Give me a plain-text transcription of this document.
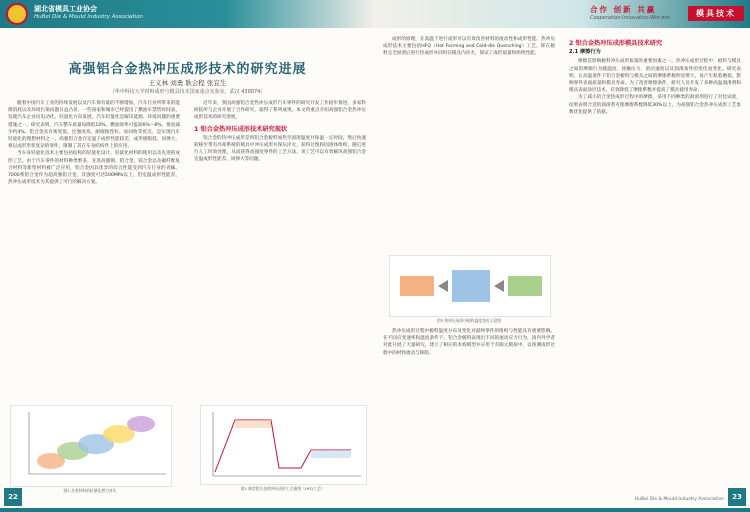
湖北省模具工业协会
HuBei Die & Mould Industry Association
高强铝合金热冲压成形技术的研究进展
王义林 刘勇 耿会程 张宜生
（华中科技大学材料成形与模具技术国家重点实验室，武汉 430074）

随着中国汽车工业的持续发展以及汽车保有量的不断增加，汽车行业所带来的能源消耗以及环境污染问题日益凸显，一些国家和城市已经提出了燃油车禁售时间表，迫使汽车企业向电动化、轻量化方向发展。汽车轻量化是解决能源、环境问题的重要措施之一。研究表明，汽车整车质量每降低10%，燃油效率可提高6%～8%，排放减少约4%。铝合金具有密度低、比强度高、耐腐蚀性好、易回收等优点，是实现汽车轻量化的理想材料之一。高强铝合金在室温下成形性能较差，成形极限低、回弹大，难以成形形状复杂的零件，限制了其在车身结构件上的应用。

当车身轻量化技术主要包括结构的轻量化设计、轻量化材料的使用以及先进的成形工艺。由于汽车零件的材料种类繁多，先进高强钢、铝合金、镁合金以及碳纤维复合材料等新型材料被广泛应用，铝合金因其优异的综合性能受到汽车行业的青睐。7000系铝合金作为超高强铝合金，其强度可达500MPa以上，但室温成形性能差，热冲压成形技术为其提供了可行的解决方案。

近年来，我国高强铝合金热冲压成形汽车零件的研究开发工作稳步推进，多家科研院所与企业开展了合作研究，取得了系列成果。本文将重点介绍高强铝合金热冲压成形技术的研究进展。

1 铝合金热冲压成形技术研究现状

铝合金的热冲压成形是将铝合金板料加热至固溶温度并保温一定时间，然后快速转移至带有冷却系统的模具中冲压成形并保压淬火，获得过饱和固溶体组织，随后进行人工时效处理，从而获得高强度零件的工艺方法。该工艺可以有效解决高强铝合金室温成形性能差、回弹大等问题。

图1 各类材料的轻量化潜力对比	图2 典型铝合金热冲压成形工艺曲线（HFQ工艺）
22
合作 创新 共赢
Cooperation·Innovation·Win-win	模具技术

成形的原理，在高温下进行成形可以有效改善材料的流动性和成形性能。热冲压成形技术主要包括HFQ（Hot Forming and Cold-die Quenching）工艺，即在板料完全固溶后进行热成形并同时在模具内淬火，保证了成形质量和组织性能。

图3 热冲压成形中板料温度变化示意图

热冲压成形过程中板料温度分布及变化对最终零件的组织与性能具有重要影响。在不同应变速率和温度条件下，铝合金板料表现出不同的流动应力行为，国内外学者对此开展了大量研究，建立了相应的本构模型并应用于有限元模拟中，以预测成形过程中的材料流动与缺陷。

2 铝合金热冲压成形模具技术研究
2.1 摩擦行为

摩擦是影响板料冲压成形质量的重要因素之一。热冲压成形过程中，板料与模具之间的摩擦行为随温度、接触压力、滑动速度以及润滑条件的变化而变化。研究表明，在高温条件下铝合金板料与模具之间的摩擦系数明显增大，易产生粘着磨损，影响零件表面质量和模具寿命。为了改善摩擦条件，研究人员开发了多种高温润滑剂和模具表面涂层技术，有效降低了摩擦系数并提高了模具使用寿命。

为了减小铝合金热成形过程中的摩擦，采用不同种类的润滑剂进行了对比试验，结果表明合适的润滑剂可使摩擦系数降低30%以上，为高强铝合金热冲压成形工艺参数优化提供了依据。

HuBei Die & Mould Industry Association	23
